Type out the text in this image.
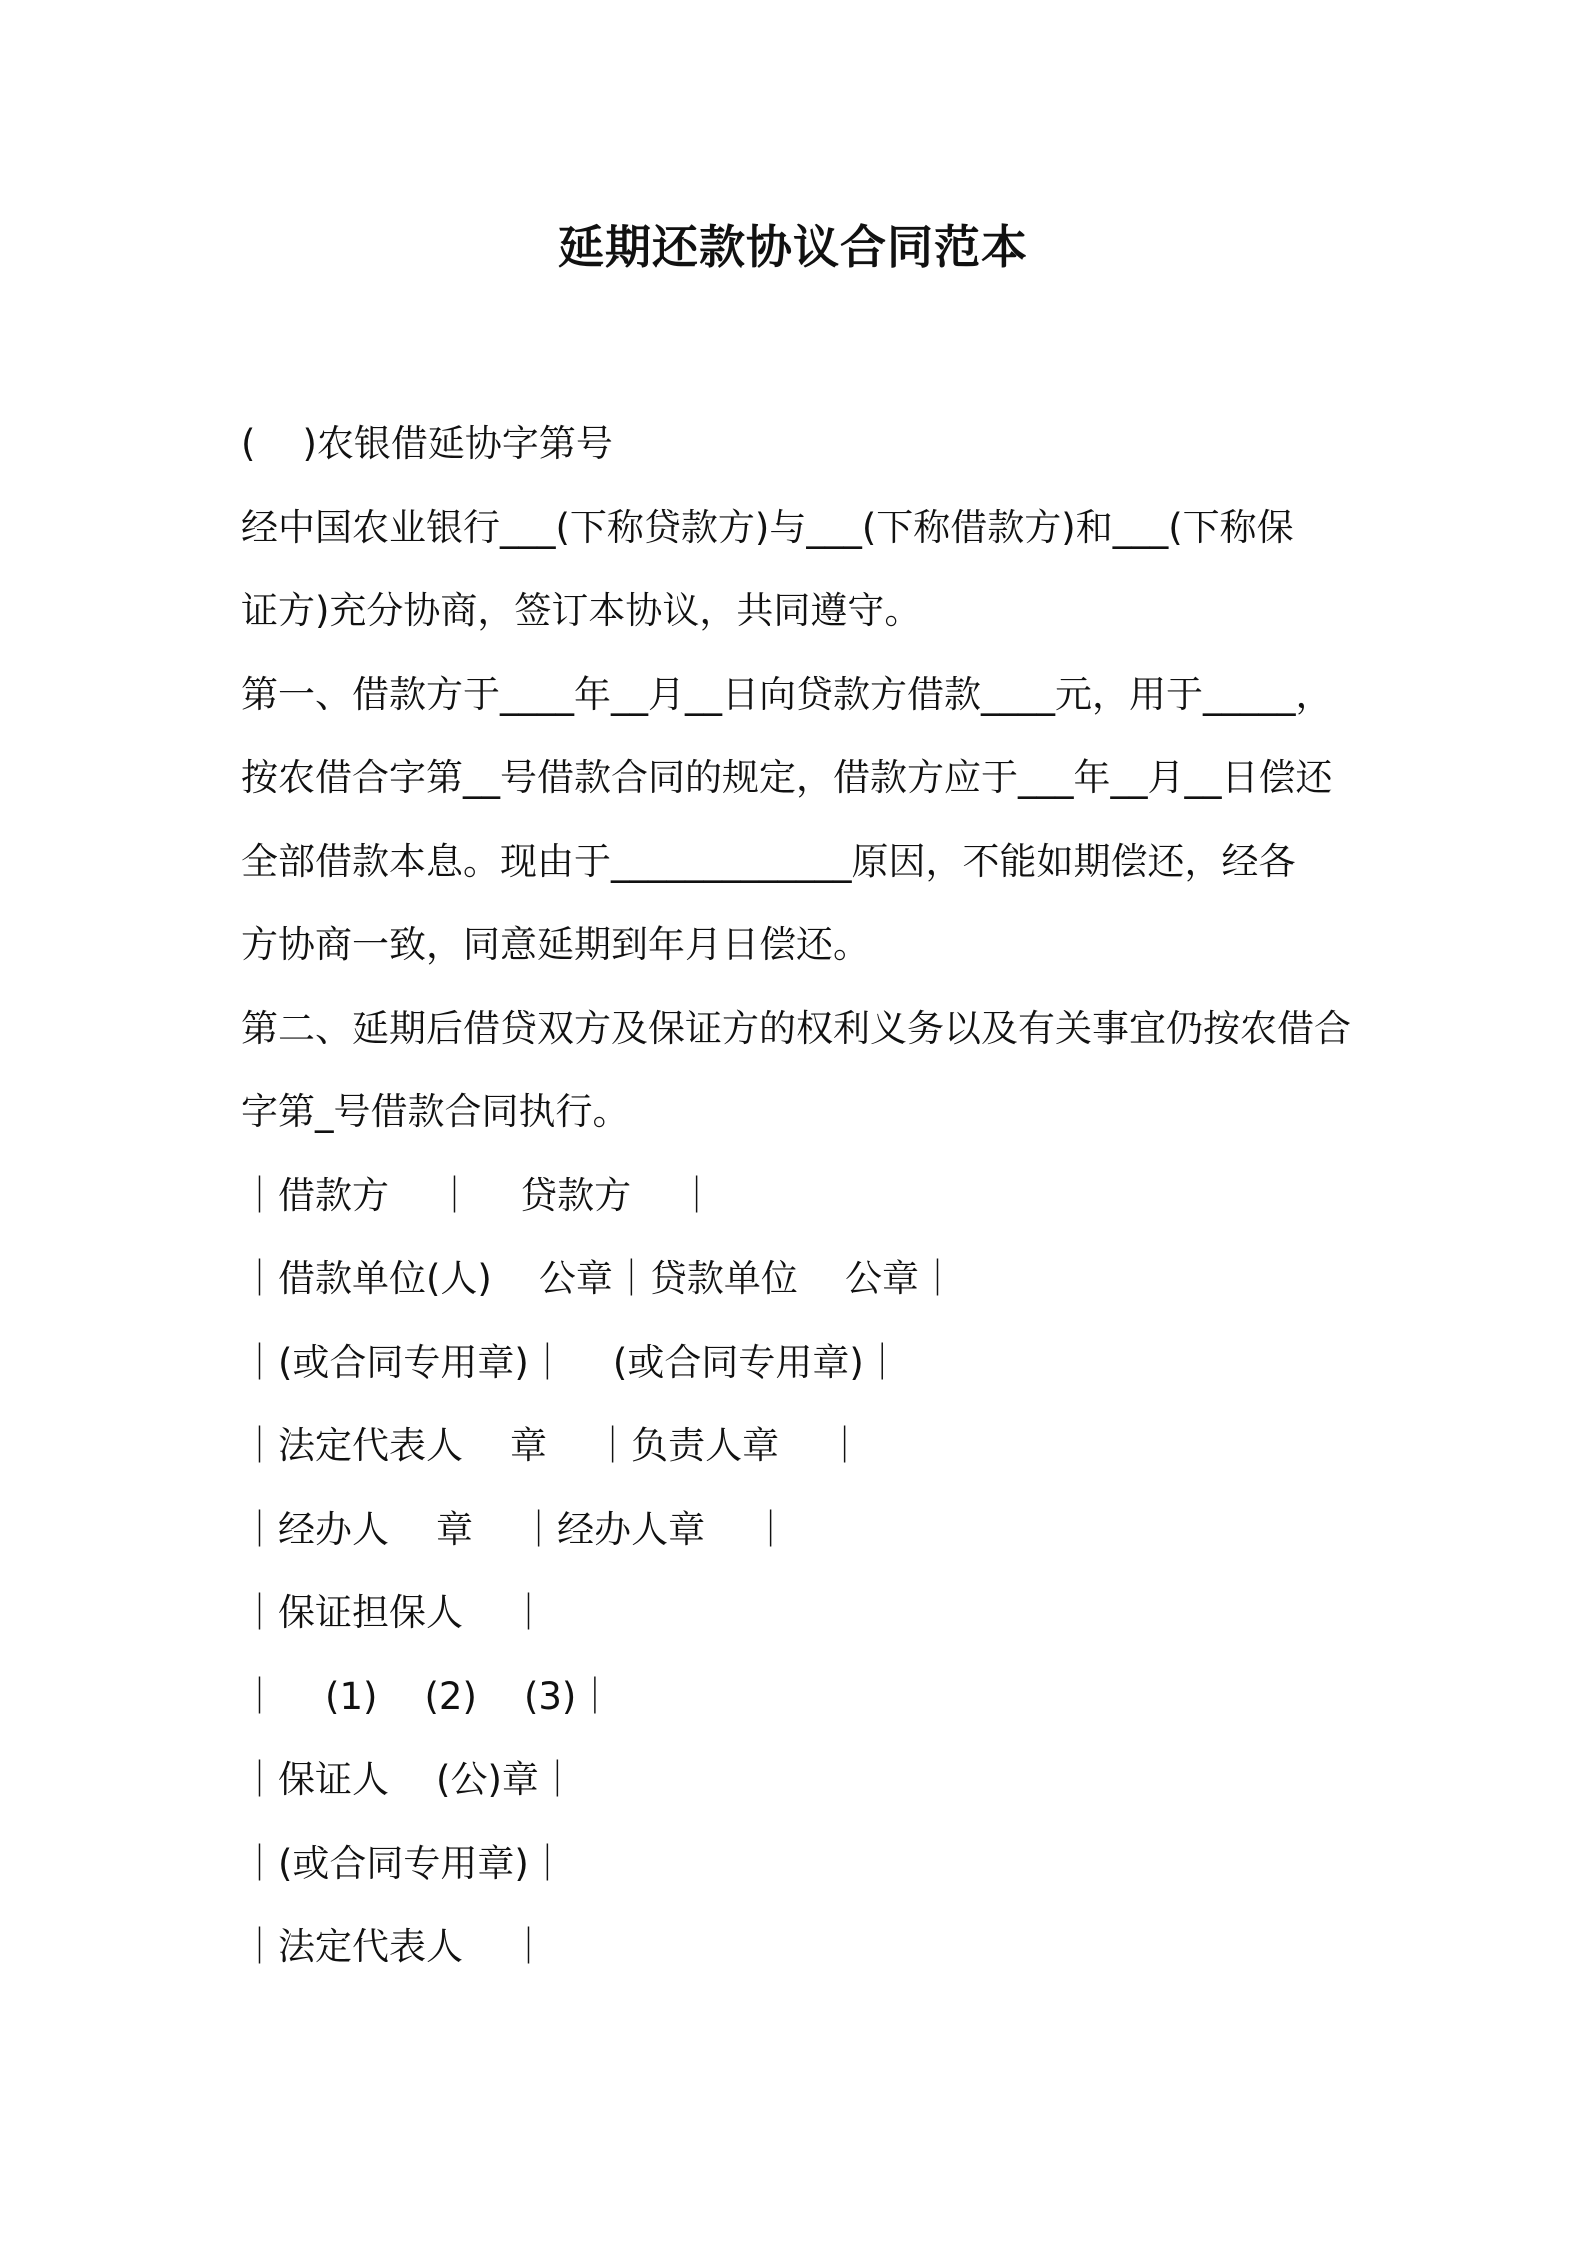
延期还款协议合同范本

(    )农银借延协字第号

经中国农业银行___(下称贷款方)与___(下称借款方)和___(下称保

证方)充分协商，签订本协议，共同遵守。

第一、借款方于____年__月__日向贷款方借款____元，用于_____，

按农借合字第__号借款合同的规定，借款方应于___年__月__日偿还

全部借款本息。现由于_____________原因，不能如期偿还，经各

方协商一致，同意延期到年月日偿还。

第二、延期后借贷双方及保证方的权利义务以及有关事宜仍按农借合

字第_号借款合同执行。

｜借款方    ｜    贷款方    ｜

｜借款单位(人)    公章｜贷款单位    公章｜

｜(或合同专用章)｜    (或合同专用章)｜

｜法定代表人    章    ｜负责人章    ｜

｜经办人    章    ｜经办人章    ｜

｜保证担保人    ｜

｜    (1)    (2)    (3)｜

｜保证人    (公)章｜

｜(或合同专用章)｜

｜法定代表人    ｜
